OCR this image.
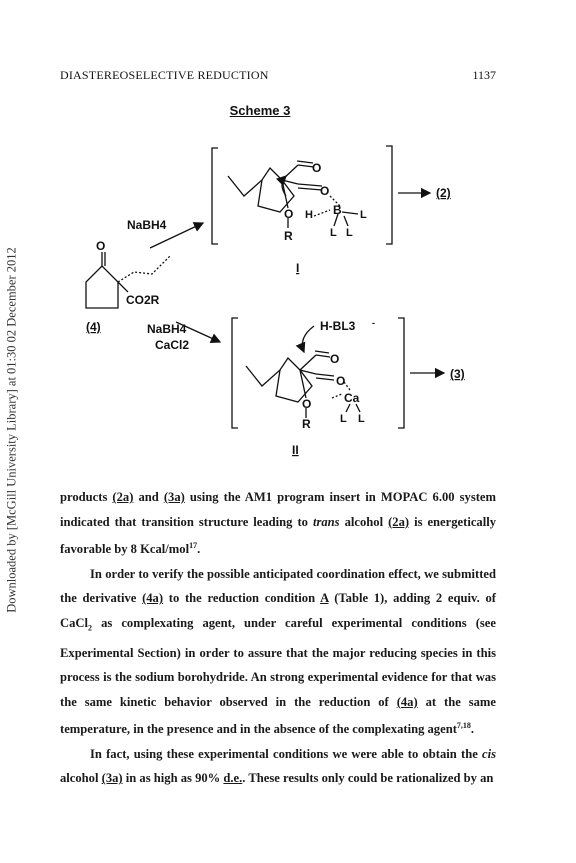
Downloaded by [McGill University Library] at 01:30 02 December 2012
DIASTEREOSELECTIVE REDUCTION	1137
Scheme 3
O
CO2R
(4)
NaBH4
NaBH4
CaCl2
O
O
O
R
H B L
L L
I
(2)
H-BL3 -
O
O
O
R
Ca
L L
II
(3)

products (2a) and (3a) using the AM1 program insert in MOPAC 6.00 system indicated that transition structure leading to trans alcohol (2a) is energetically favorable by 8 Kcal/mol$^{17}$.

In order to verify the possible anticipated coordination effect, we submitted the derivative (4a) to the reduction condition A (Table 1), adding 2 equiv. of CaCl$_2$ as complexating agent, under careful experimental conditions (see Experimental Section) in order to assure that the major reducing species in this process is the sodium borohydride. An strong experimental evidence for that was the same kinetic behavior observed in the reduction of (4a) at the same temperature, in the presence and in the absence of the complexating agent$^{7,18}$.

In fact, using these experimental conditions we were able to obtain the cis alcohol (3a) in as high as 90% d.e.. These results only could be rationalized by an
